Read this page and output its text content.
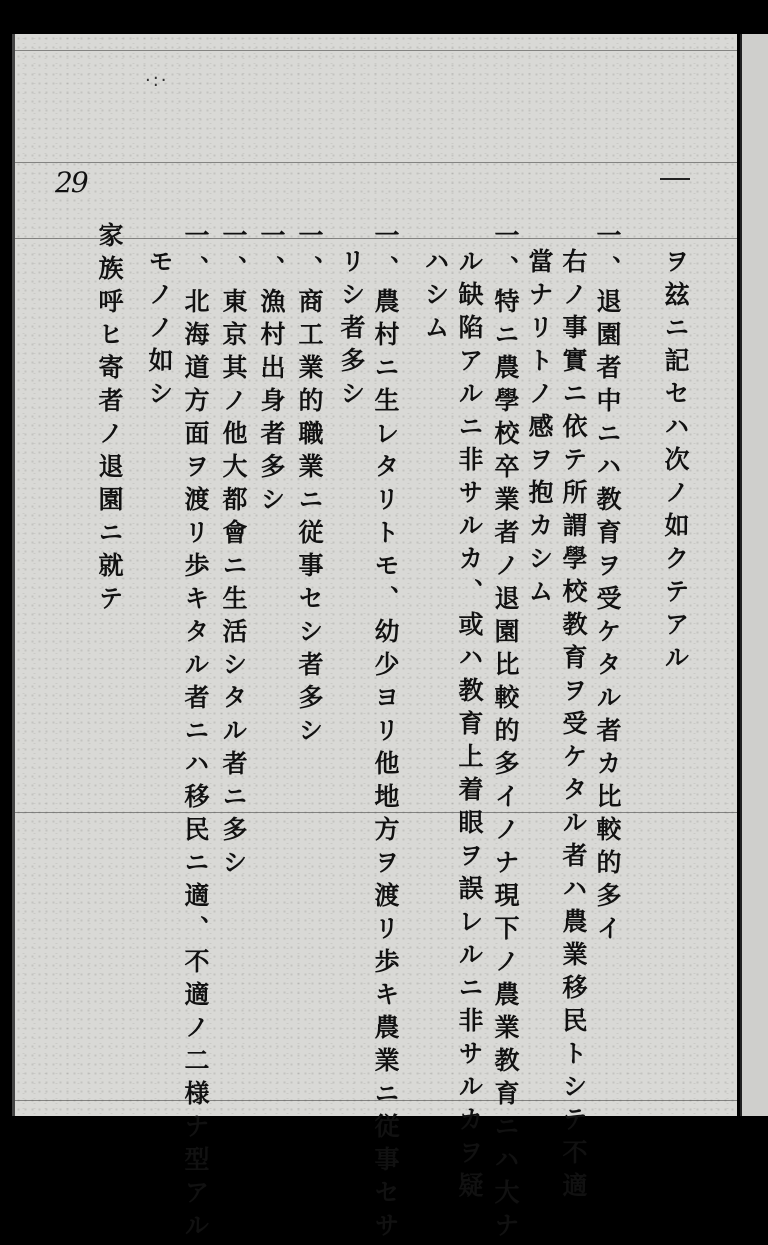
·:·
29
ヲ玆ニ記セハ次ノ如クテアル
一、退園者中ニハ教育ヲ受ケタル者カ比較的多イ
右ノ事實ニ依テ所謂學校教育ヲ受ケタル者ハ農業移民トシテ不適
當ナリトノ感ヲ抱カシム
一、特ニ農學校卒業者ノ退園比較的多イノナ現下ノ農業教育ニハ大ナ
ル缺陷アルニ非サルカ、或ハ教育上着眼ヲ誤レルニ非サルカヲ疑
ハシム
一、農村ニ生レタリトモ、幼少ヨリ他地方ヲ渡リ歩キ農業ニ従事セサ
リシ者多シ
一、商工業的職業ニ従事セシ者多シ
一、漁村出身者多シ
一、東京其ノ他大都會ニ生活シタル者ニ多シ
一、北海道方面ヲ渡リ歩キタル者ニハ移民ニ適、不適ノ二様ナ型アル
モノノ如シ
家族呼ヒ寄者ノ退園ニ就テ
